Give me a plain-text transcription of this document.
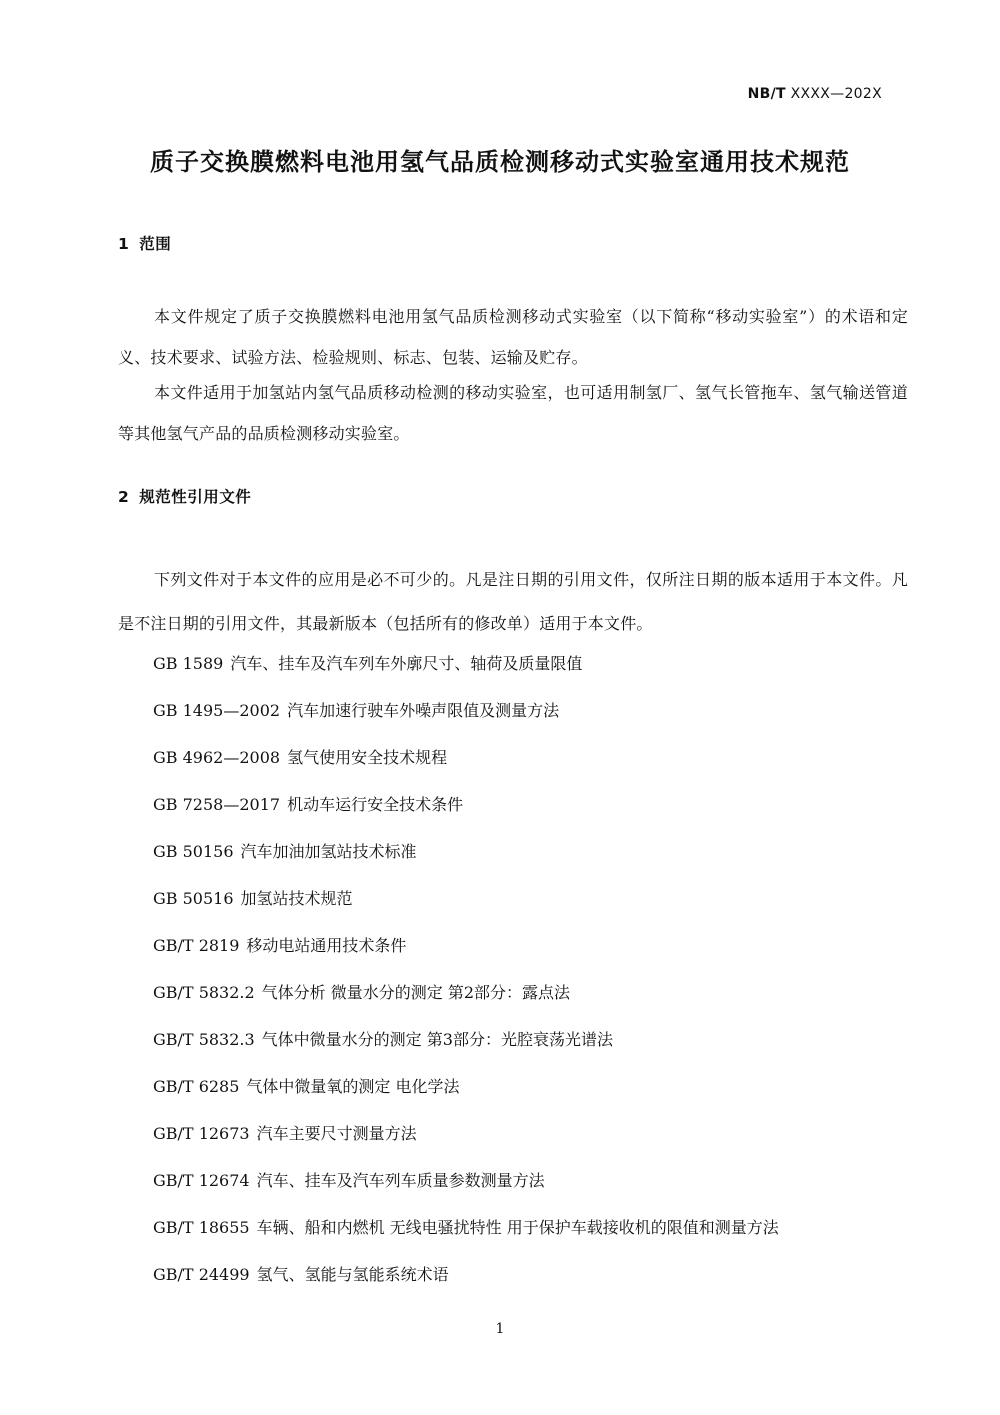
NB/T XXXX—202X
质子交换膜燃料电池用氢气品质检测移动式实验室通用技术规范
1 范围
本文件规定了质子交换膜燃料电池用氢气品质检测移动式实验室（以下简称“移动实验室”）的术语和定义、技术要求、试验方法、检验规则、标志、包装、运输及贮存。
本文件适用于加氢站内氢气品质移动检测的移动实验室，也可适用制氢厂、氢气长管拖车、氢气输送管道等其他氢气产品的品质检测移动实验室。
2 规范性引用文件
下列文件对于本文件的应用是必不可少的。凡是注日期的引用文件，仅所注日期的版本适用于本文件。凡是不注日期的引用文件，其最新版本（包括所有的修改单）适用于本文件。
GB 1589 汽车、挂车及汽车列车外廓尺寸、轴荷及质量限值
GB 1495—2002 汽车加速行驶车外噪声限值及测量方法
GB 4962—2008 氢气使用安全技术规程
GB 7258—2017 机动车运行安全技术条件
GB 50156 汽车加油加氢站技术标准
GB 50516 加氢站技术规范
GB/T 2819 移动电站通用技术条件
GB/T 5832.2 气体分析 微量水分的测定 第2部分：露点法
GB/T 5832.3 气体中微量水分的测定 第3部分：光腔衰荡光谱法
GB/T 6285 气体中微量氧的测定 电化学法
GB/T 12673 汽车主要尺寸测量方法
GB/T 12674 汽车、挂车及汽车列车质量参数测量方法
GB/T 18655 车辆、船和内燃机 无线电骚扰特性 用于保护车载接收机的限值和测量方法
GB/T 24499 氢气、氢能与氢能系统术语
1
